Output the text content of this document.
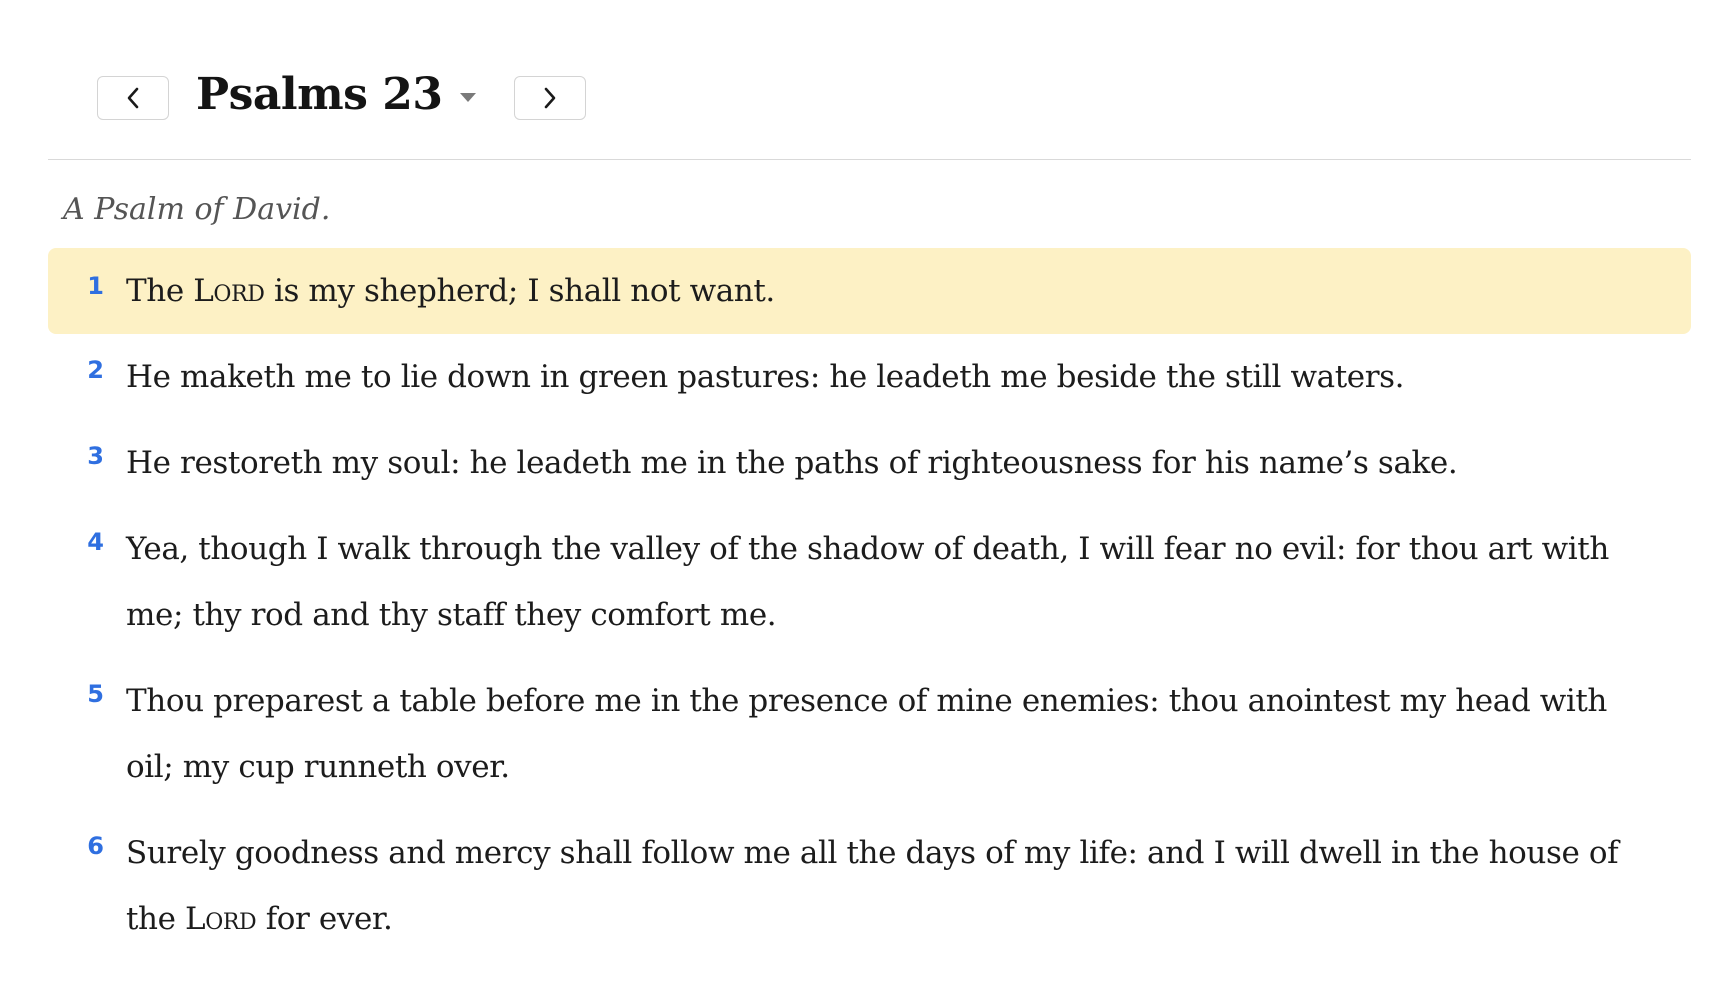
Psalms 23
A Psalm of David.
1 The Lord is my shepherd; I shall not want.
2 He maketh me to lie down in green pastures: he leadeth me beside the still waters.
3 He restoreth my soul: he leadeth me in the paths of righteousness for his name’s sake.
4 Yea, though I walk through the valley of the shadow of death, I will fear no evil: for thou art with me; thy rod and thy staff they comfort me.
5 Thou preparest a table before me in the presence of mine enemies: thou anointest my head with oil; my cup runneth over.
6 Surely goodness and mercy shall follow me all the days of my life: and I will dwell in the house of the Lord for ever.
